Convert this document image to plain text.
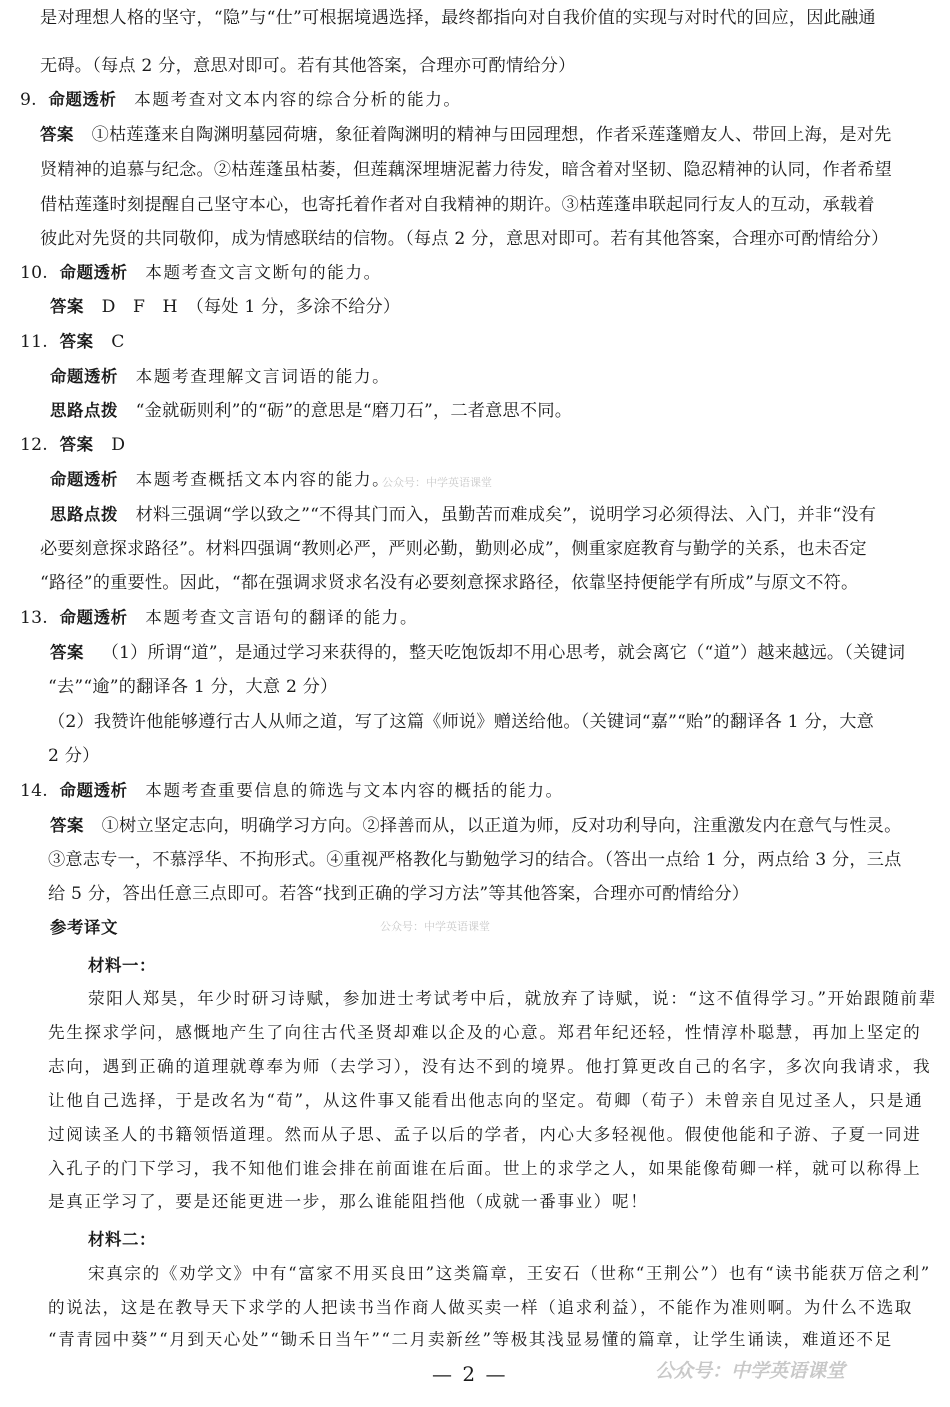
是对理想人格的坚守，“隐”与“仕”可根据境遇选择，最终都指向对自我价值的实现与对时代的回应，因此融通
无碍。（每点 2 分，意思对即可。若有其他答案，合理亦可酌情给分）
9. 命题透析 本题考查对文本内容的综合分析的能力。
答案 ①枯莲蓬来自陶渊明墓园荷塘，象征着陶渊明的精神与田园理想，作者采莲蓬赠友人、带回上海，是对先
贤精神的追慕与纪念。②枯莲蓬虽枯萎，但莲藕深埋塘泥蓄力待发，暗含着对坚韧、隐忍精神的认同，作者希望
借枯莲蓬时刻提醒自己坚守本心，也寄托着作者对自我精神的期许。③枯莲蓬串联起同行友人的互动，承载着
彼此对先贤的共同敬仰，成为情感联结的信物。（每点 2 分，意思对即可。若有其他答案，合理亦可酌情给分）
10. 命题透析 本题考查文言文断句的能力。
答案 D　F　H　（每处 1 分，多涂不给分）
11. 答案 C
命题透析 本题考查理解文言词语的能力。
思路点拨 “金就砺则利”的“砺”的意思是“磨刀石”，二者意思不同。
12. 答案 D
命题透析 本题考查概括文本内容的能力。
思路点拨 材料三强调“学以致之”“不得其门而入，虽勤苦而难成矣”，说明学习必须得法、入门，并非“没有
必要刻意探求路径”。材料四强调“教则必严，严则必勤，勤则必成”，侧重家庭教育与勤学的关系，也未否定
“路径”的重要性。因此，“都在强调求贤求名没有必要刻意探求路径，依靠坚持便能学有所成”与原文不符。
13. 命题透析 本题考查文言语句的翻译的能力。
答案 （1）所谓“道”，是通过学习来获得的，整天吃饱饭却不用心思考，就会离它（“道”）越来越远。（关键词
“去”“逾”的翻译各 1 分，大意 2 分）
（2）我赞许他能够遵行古人从师之道，写了这篇《师说》赠送给他。（关键词“嘉”“贻”的翻译各 1 分，大意
2 分）
14. 命题透析 本题考查重要信息的筛选与文本内容的概括的能力。
答案 ①树立坚定志向，明确学习方向。②择善而从，以正道为师，反对功利导向，注重激发内在意气与性灵。
③意志专一，不慕浮华、不拘形式。④重视严格教化与勤勉学习的结合。（答出一点给 1 分，两点给 3 分，三点
给 5 分，答出任意三点即可。若答“找到正确的学习方法”等其他答案，合理亦可酌情给分）
参考译文
材料一：
荥阳人郑昊，年少时研习诗赋，参加进士考试考中后，就放弃了诗赋，说：“这不值得学习。”开始跟随前辈
先生探求学问，感慨地产生了向往古代圣贤却难以企及的心意。郑君年纪还轻，性情淳朴聪慧，再加上坚定的
志向，遇到正确的道理就尊奉为师（去学习），没有达不到的境界。他打算更改自己的名字，多次向我请求，我
让他自己选择，于是改名为“荀”，从这件事又能看出他志向的坚定。荀卿（荀子）未曾亲自见过圣人，只是通
过阅读圣人的书籍领悟道理。然而从子思、孟子以后的学者，内心大多轻视他。假使他能和子游、子夏一同进
入孔子的门下学习，我不知他们谁会排在前面谁在后面。世上的求学之人，如果能像荀卿一样，就可以称得上
是真正学习了，要是还能更进一步，那么谁能阻挡他（成就一番事业）呢！
材料二：
宋真宗的《劝学文》中有“富家不用买良田”这类篇章，王安石（世称“王荆公”）也有“读书能获万倍之利”
的说法，这是在教导天下求学的人把读书当作商人做买卖一样（追求利益），不能作为准则啊。为什么不选取
“青青园中葵”“月到天心处”“锄禾日当午”“二月卖新丝”等极其浅显易懂的篇章，让学生诵读，难道还不足
公众号：中学英语课堂
公众号：中学英语课堂
公众号：中学英语课堂
— 2 —
